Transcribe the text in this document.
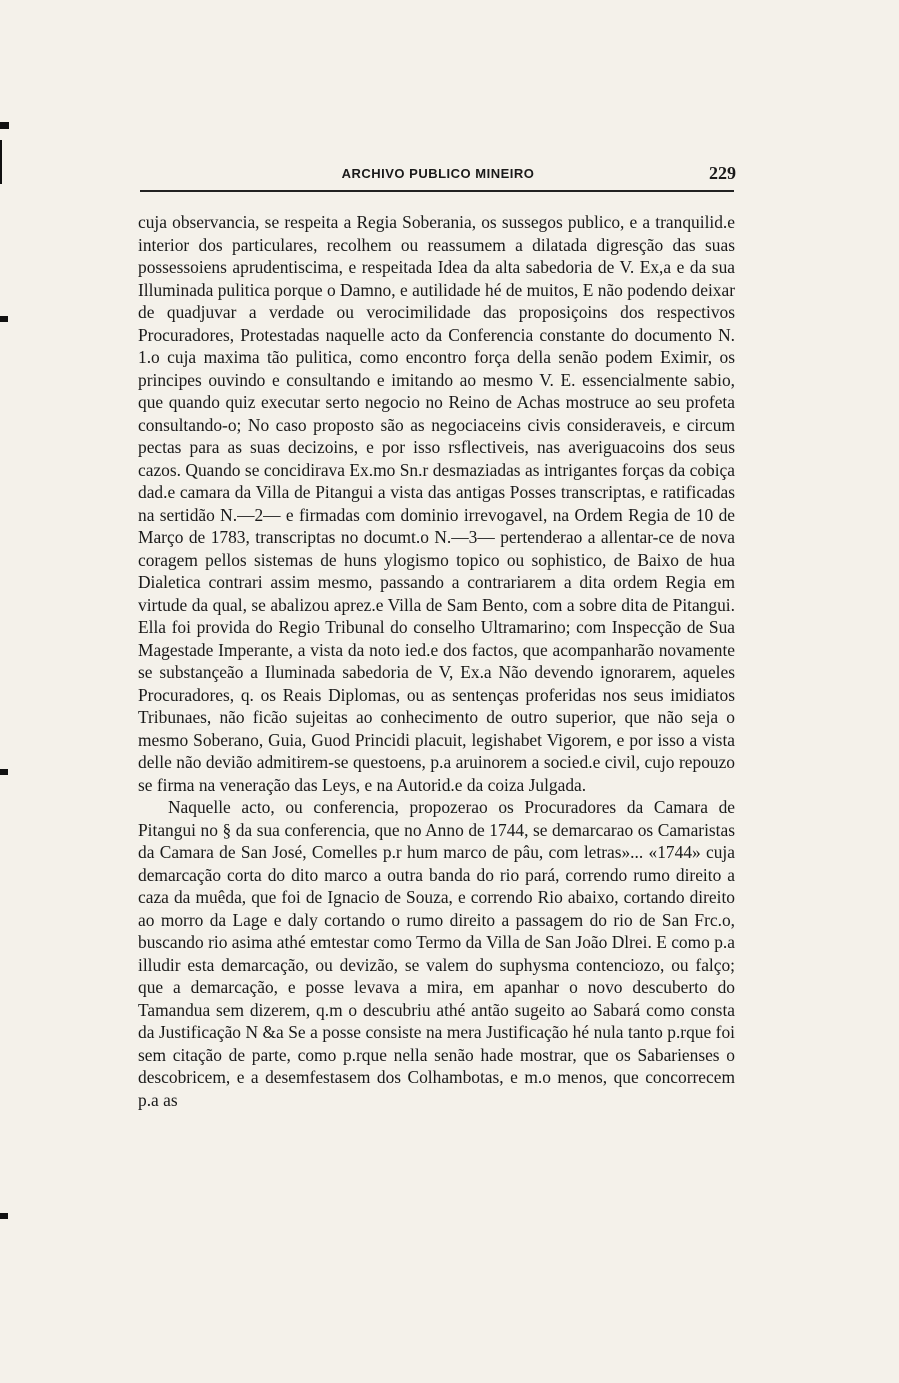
ARCHIVO PUBLICO MINEIRO	229

cuja observancia, se respeita a Regia Soberania, os sussegos publico, e a tranquilid.e interior dos particulares, recolhem ou reassumem a dilatada digresção das suas possessoiens aprudentiscima, e respeitada Idea da alta sabedoria de V. Ex,a e da sua Illuminada pulitica porque o Damno, e autilidade hé de muitos, E não podendo deixar de quadjuvar a verdade ou verocimilidade das proposiçoins dos respectivos Procuradores, Protestadas naquelle acto da Conferencia constante do documento N. 1.o cuja maxima tão pulitica, como encontro força della senão podem Eximir, os principes ouvindo e consultando e imitando ao mesmo V. E. essencialmente sabio, que quando quiz executar serto negocio no Reino de Achas mostruce ao seu profeta consultando-o; No caso proposto são as negociaceins civis consideraveis, e circum pectas para as suas decizoins, e por isso rsflectiveis, nas averiguacoins dos seus cazos. Quando se concidirava Ex.mo Sn.r desmaziadas as intrigantes forças da cobiça dad.e camara da Villa de Pitangui a vista das antigas Posses transcriptas, e ratificadas na sertidão N.—2— e firmadas com dominio irrevogavel, na Ordem Regia de 10 de Março de 1783, transcriptas no documt.o N.—3— pertenderao a allentar-ce de nova coragem pellos sistemas de huns ylogismo topico ou sophistico, de Baixo de hua Dialetica contrari assim mesmo, passando a contrariarem a dita ordem Regia em virtude da qual, se abalizou aprez.e Villa de Sam Bento, com a sobre dita de Pitangui. Ella foi provida do Regio Tribunal do conselho Ultramarino; com Inspecção de Sua Magestade Imperante, a vista da noto ied.e dos factos, que acompanharão novamente se substançeão a Iluminada sabedoria de V, Ex.a Não devendo ignorarem, aqueles Procuradores, q. os Reais Diplomas, ou as sentenças proferidas nos seus imidiatos Tribunaes, não ficão sujeitas ao conhecimento de outro superior, que não seja o mesmo Soberano, Guia, Guod Princidi placuit, legishabet Vigorem, e por isso a vista delle não devião admitirem-se questoens, p.a aruinorem a socied.e civil, cujo repouzo se firma na veneração das Leys, e na Autorid.e da coiza Julgada.

Naquelle acto, ou conferencia, propozerao os Procuradores da Camara de Pitangui no § da sua conferencia, que no Anno de 1744, se demarcarao os Camaristas da Camara de San José, Comelles p.r hum marco de pâu, com letras»... «1744» cuja demarcação corta do dito marco a outra banda do rio pará, correndo rumo direito a caza da muêda, que foi de Ignacio de Souza, e correndo Rio abaixo, cortando direito ao morro da Lage e daly cortando o rumo direito a passagem do rio de San Frc.o, buscando rio asima athé emtestar como Termo da Villa de San João Dlrei. E como p.a illudir esta demarcação, ou devizão, se valem do suphysma contenciozo, ou falço; que a demarcação, e posse levava a mira, em apanhar o novo descuberto do Tamandua sem dizerem, q.m o descubriu athé antão sugeito ao Sabará como consta da Justificação N &a Se a posse consiste na mera Justificação hé nula tanto p.rque foi sem citação de parte, como p.rque nella senão hade mostrar, que os Sabarienses o descobricem, e a desemfestasem dos Colhambotas, e m.o menos, que concorrecem p.a as
